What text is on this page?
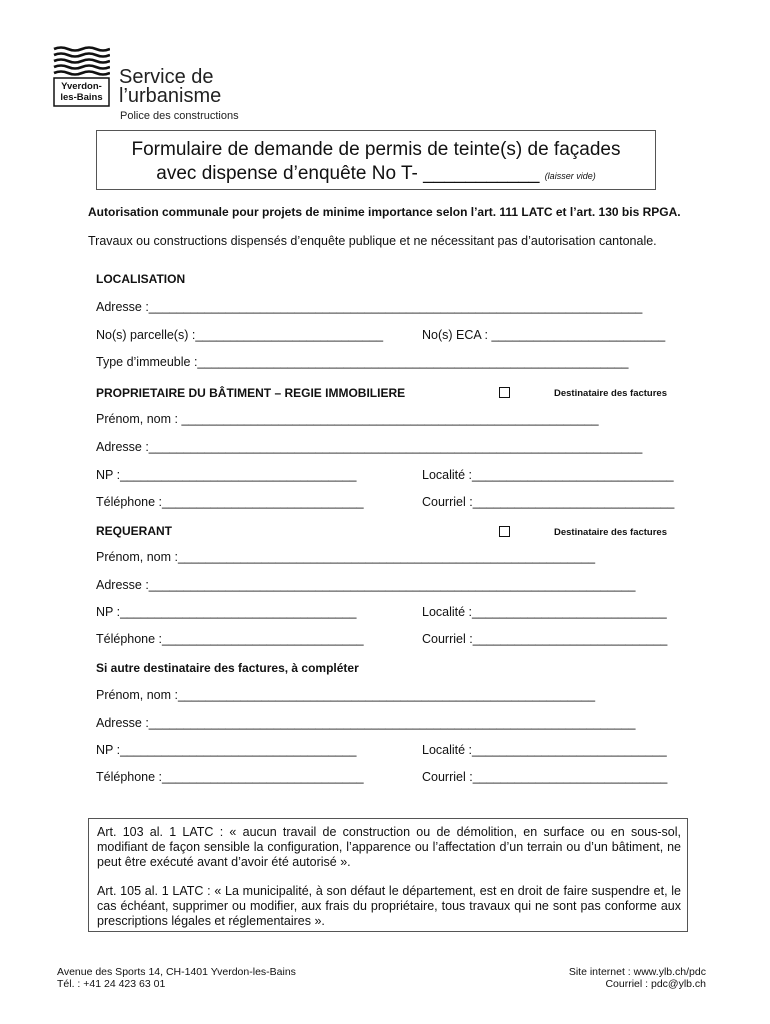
Yverdon-
les-Bains
Service de
l’urbanisme
Police des constructions
Formulaire de demande de permis de teinte(s) de façades
avec dispense d’enquête No T- ___________ (laisser vide)
Autorisation communale pour projets de minime importance selon l’art. 111 LATC et l’art. 130 bis RPGA.
Travaux ou constructions dispensés d’enquête publique et ne nécessitant pas d’autorisation cantonale.
LOCALISATION
Adresse :_______________________________________________________________________
No(s) parcelle(s) :___________________________	No(s) ECA : _________________________
Type d’immeuble :______________________________________________________________
PROPRIETAIRE DU BÂTIMENT – REGIE IMMOBILIERE	Destinataire des factures
Prénom, nom : ____________________________________________________________
Adresse :_______________________________________________________________________
NP :__________________________________	Localité :_____________________________
Téléphone :_____________________________	Courriel :_____________________________
REQUERANT	Destinataire des factures
Prénom, nom :____________________________________________________________
Adresse :______________________________________________________________________
NP :__________________________________	Localité :____________________________
Téléphone :_____________________________	Courriel :____________________________
Si autre destinataire des factures, à compléter
Prénom, nom :____________________________________________________________
Adresse :______________________________________________________________________
NP :__________________________________	Localité :____________________________
Téléphone :_____________________________	Courriel :____________________________
Art. 103 al. 1 LATC : « aucun travail de construction ou de démolition, en surface ou en sous-sol, modifiant de façon sensible la configuration, l’apparence ou l’affectation d’un terrain ou d’un bâtiment, ne peut être exécuté avant d’avoir été autorisé ».
Art. 105 al. 1 LATC : « La municipalité, à son défaut le département, est en droit de faire suspendre et, le cas échéant, supprimer ou modifier, aux frais du propriétaire, tous travaux qui ne sont pas conforme aux prescriptions légales et réglementaires ».
Avenue des Sports 14, CH-1401 Yverdon-les-Bains
Tél. : +41 24 423 63 01
Site internet : www.ylb.ch/pdc
Courriel : pdc@ylb.ch
